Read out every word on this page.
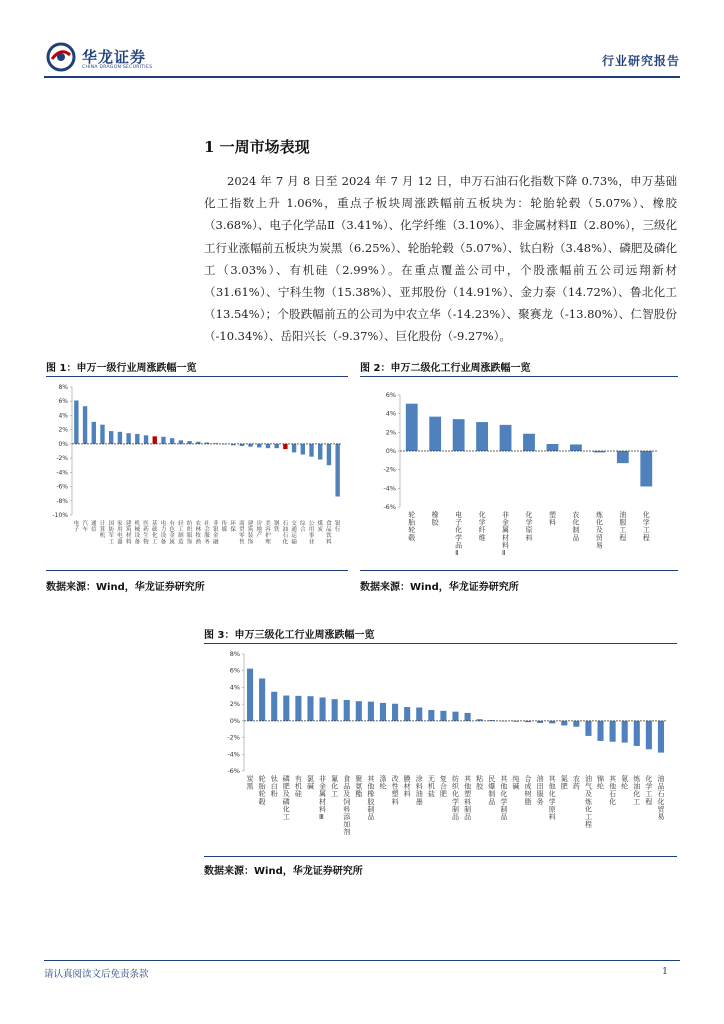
华龙证券
CHINA DRAGON SECURITIES	行业研究报告
1 一周市场表现
2024 年 7 月 8 日至 2024 年 7 月 12 日，申万石油石化指数下降 0.73%，申万基础化工指数上升 1.06%，重点子板块周涨跌幅前五板块为：轮胎轮毂（5.07%）、橡胶（3.68%）、电子化学品Ⅱ（3.41%）、化学纤维（3.10%）、非金属材料Ⅱ（2.80%），三级化工行业涨幅前五板块为炭黑（6.25%）、轮胎轮毂（5.07%）、钛白粉（3.48%）、磷肥及磷化工（3.03%）、有机硅（2.99%）。在重点覆盖公司中，个股涨幅前五公司远翔新材（31.61%）、宁科生物（15.38%）、亚邦股份（14.91%）、金力泰（14.72%）、鲁北化工（13.54%）；个股跌幅前五的公司为中农立华（-14.23%）、聚赛龙（-13.80%）、仁智股份（-10.34%）、岳阳兴长（-9.37%）、巨化股份（-9.27%）。
图 1：申万一级行业周涨跌幅一览
-10%
-8%
-6%
-4%
-2%
0%
2%
4%
6%
8%
电子
汽车
通信
计算机
国防军工
家用电器
建筑材料
机械设备
医药生物
基础化工
电力设备
有色金属
轻工制造
纺织服饰
农林牧渔
社会服务
非银金融
传媒
环保
商贸零售
建筑装饰
房地产
美容护理
钢铁
石油石化
交通运输
综合
公用事业
煤炭
食品饮料
银行
数据来源：Wind，华龙证券研究所
图 2：申万二级化工行业周涨跌幅一览
-6%
-4%
-2%
0%
2%
4%
6%
轮胎轮毂
橡胶
电子化学品 Ⅱ
化学纤维
非金属材料 Ⅱ
化学原料
塑料
农化制品
炼化及贸易
油服工程
化学工程
数据来源：Wind，华龙证券研究所
图 3：申万三级化工行业周涨跌幅一览
-6%
-4%
-2%
0%
2%
4%
6%
8%
炭黑
轮胎轮毂
钛白粉
磷肥及磷化工
有机硅
氯碱
非金属材料 Ⅲ
氟化工
食品及饲料添加剂
聚氨酯
其他橡胶制品
涤纶
改性塑料
膜材料
涂料油墨
无机盐
复合肥
纺织化学制品
其他塑料制品
粘胶
民爆制品
其他化学制品
纯碱
合成树脂
油田服务
其他化学原料
氮肥
农药
油气及炼化工程
锦纶
其他石化
氨纶
炼油化工
化学工程
油品石化贸易
数据来源：Wind，华龙证券研究所
请认真阅读文后免责条款	1
